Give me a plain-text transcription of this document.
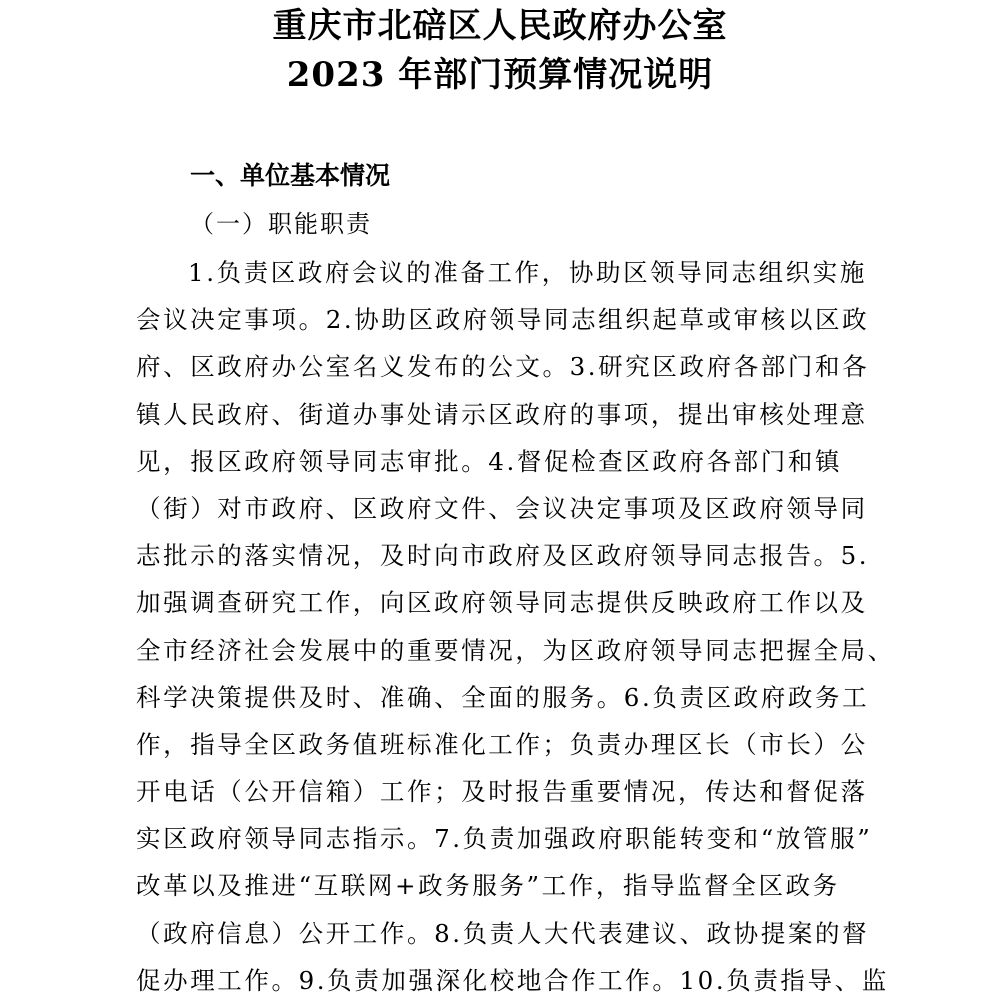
重庆市北碚区人民政府办公室
2023 年部门预算情况说明
一、单位基本情况
（一）职能职责
1.负责区政府会议的准备工作，协助区领导同志组织实施
会议决定事项。2.协助区政府领导同志组织起草或审核以区政
府、区政府办公室名义发布的公文。3.研究区政府各部门和各
镇人民政府、街道办事处请示区政府的事项，提出审核处理意
见，报区政府领导同志审批。4.督促检查区政府各部门和镇
（街）对市政府、区政府文件、会议决定事项及区政府领导同
志批示的落实情况，及时向市政府及区政府领导同志报告。5.
加强调查研究工作，向区政府领导同志提供反映政府工作以及
全市经济社会发展中的重要情况，为区政府领导同志把握全局、
科学决策提供及时、准确、全面的服务。6.负责区政府政务工
作，指导全区政务值班标准化工作；负责办理区长（市长）公
开电话（公开信箱）工作；及时报告重要情况，传达和督促落
实区政府领导同志指示。7.负责加强政府职能转变和“放管服”
改革以及推进“互联网+政务服务”工作，指导监督全区政务
（政府信息）公开工作。8.负责人大代表建议、政协提案的督
促办理工作。9.负责加强深化校地合作工作。10.负责指导、监
